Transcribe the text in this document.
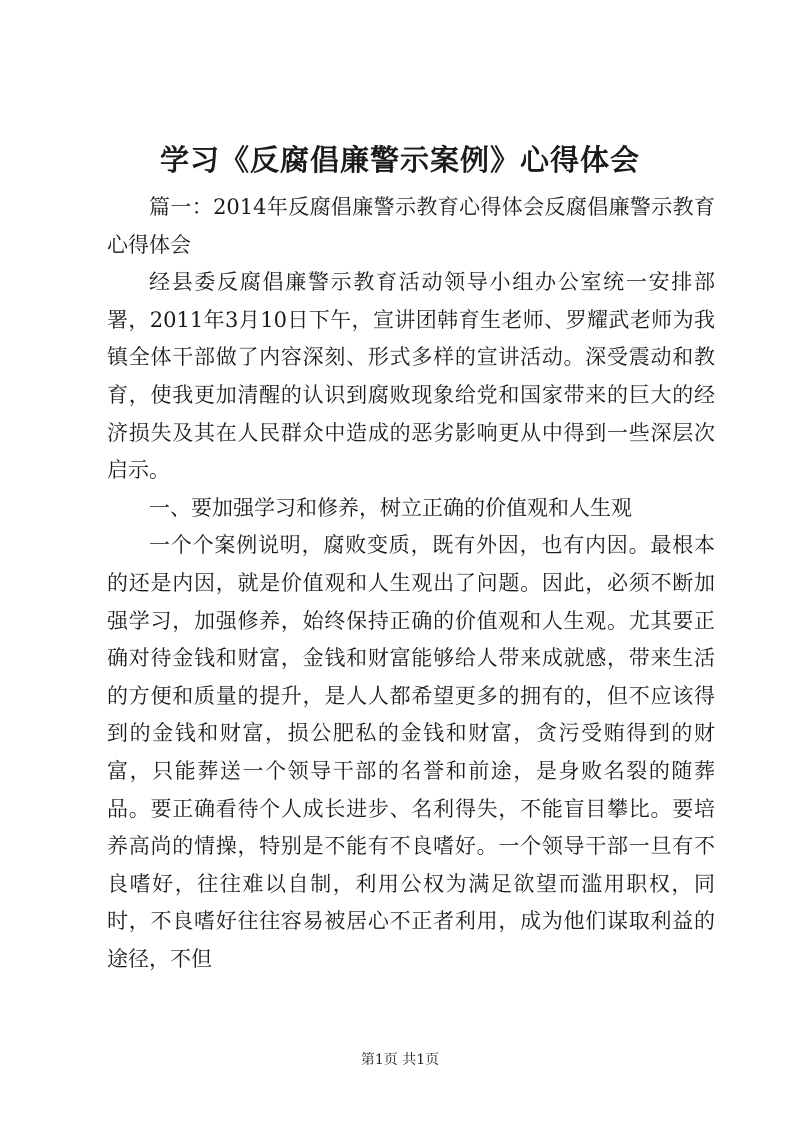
学习《反腐倡廉警示案例》心得体会

篇一：2014年反腐倡廉警示教育心得体会反腐倡廉警示教育心得体会

经县委反腐倡廉警示教育活动领导小组办公室统一安排部署，2011年3月10日下午，宣讲团韩育生老师、罗耀武老师为我镇全体干部做了内容深刻、形式多样的宣讲活动。深受震动和教育，使我更加清醒的认识到腐败现象给党和国家带来的巨大的经济损失及其在人民群众中造成的恶劣影响更从中得到一些深层次启示。

一、要加强学习和修养，树立正确的价值观和人生观

一个个案例说明，腐败变质，既有外因，也有内因。最根本的还是内因，就是价值观和人生观出了问题。因此，必须不断加强学习，加强修养，始终保持正确的价值观和人生观。尤其要正确对待金钱和财富，金钱和财富能够给人带来成就感，带来生活的方便和质量的提升，是人人都希望更多的拥有的，但不应该得到的金钱和财富，损公肥私的金钱和财富，贪污受贿得到的财富，只能葬送一个领导干部的名誉和前途，是身败名裂的随葬品。要正确看待个人成长进步、名利得失，不能盲目攀比。要培养高尚的情操，特别是不能有不良嗜好。一个领导干部一旦有不良嗜好，往往难以自制，利用公权为满足欲望而滥用职权，同时，不良嗜好往往容易被居心不正者利用，成为他们谋取利益的途径，不但

第1页 共1页
